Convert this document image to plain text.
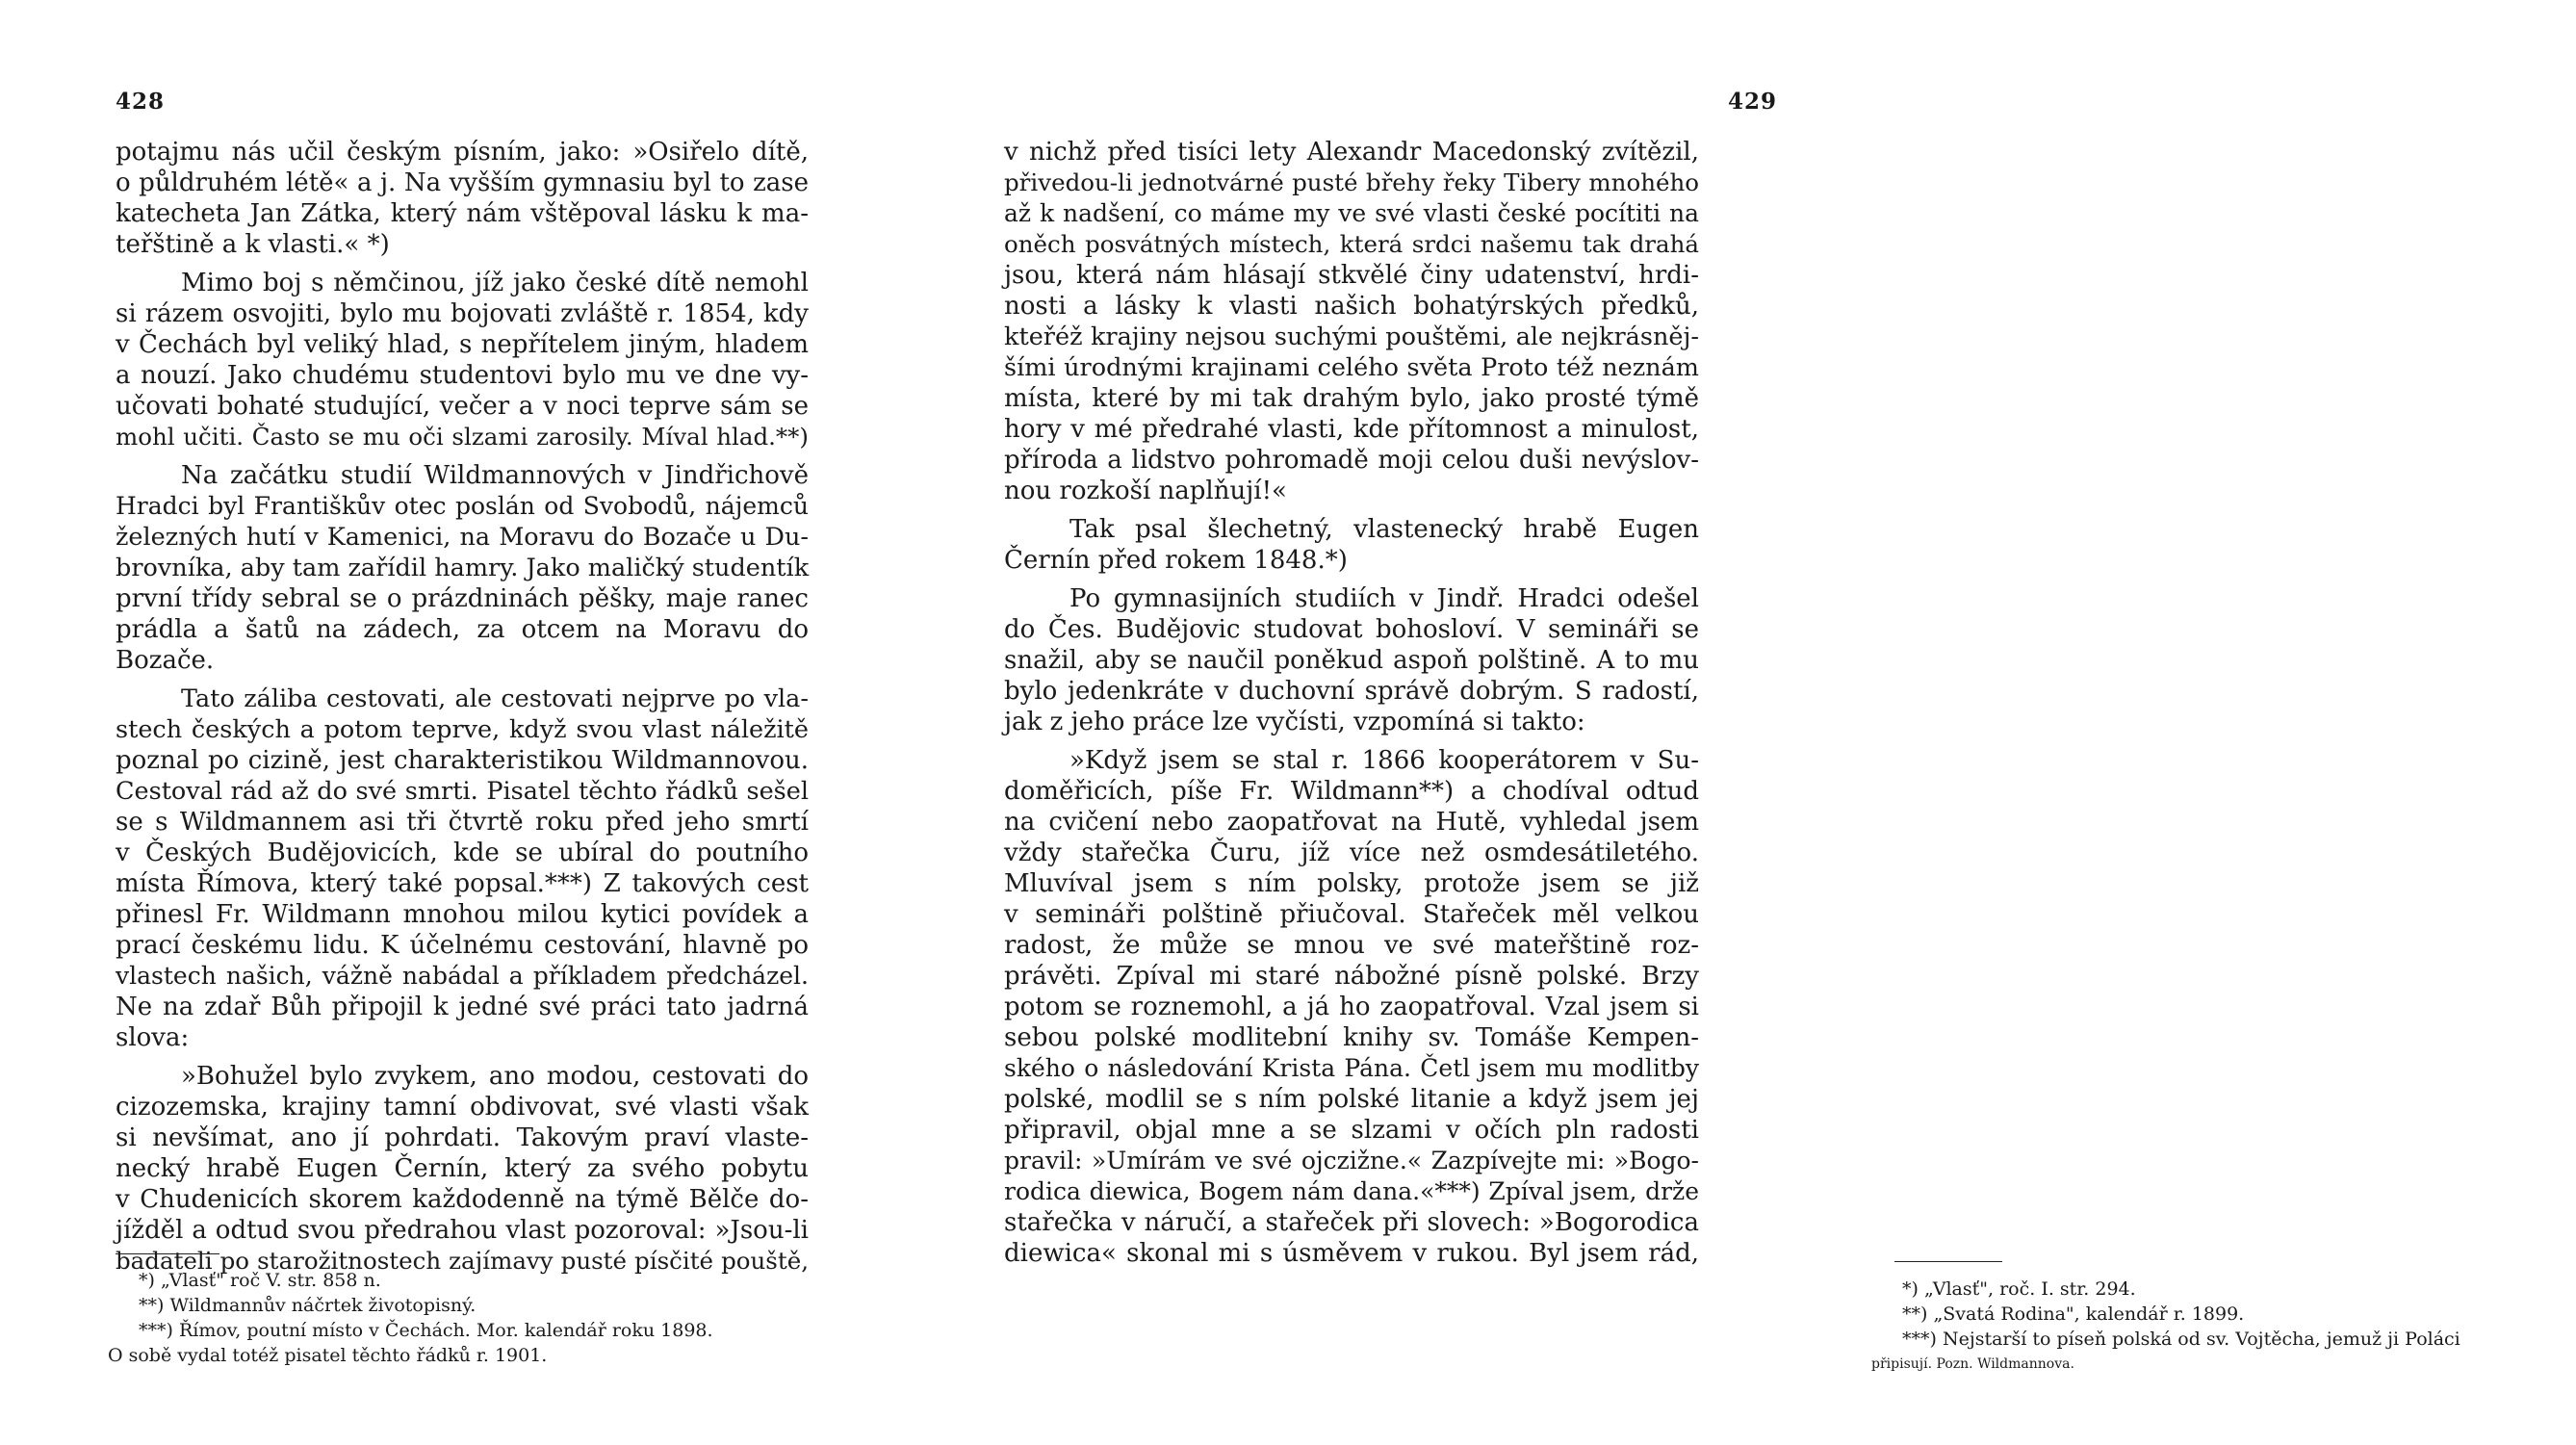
428
potajmu nás učil českým písním, jako: »Osiřelo dítě,
o půldruhém létě« a j. Na vyšším gymnasiu byl to zase
katecheta Jan Zátka, který nám vštěpoval lásku k ma-
teřštině a k vlasti.« *)
Mimo boj s němčinou, jíž jako české dítě nemohl
si rázem osvojiti, bylo mu bojovati zvláště r. 1854, kdy
v Čechách byl veliký hlad, s nepřítelem jiným, hladem
a nouzí. Jako chudému studentovi bylo mu ve dne vy-
učovati bohaté studující, večer a v noci teprve sám se
mohl učiti. Často se mu oči slzami zarosily. Míval hlad.**)
Na začátku studií Wildmannových v Jindřichově
Hradci byl Františkův otec poslán od Svobodů, nájemců
železných hutí v Kamenici, na Moravu do Bozače u Du-
brovníka, aby tam zařídil hamry. Jako maličký studentík
první třídy sebral se o prázdninách pěšky, maje ranec
prádla a šatů na zádech, za otcem na Moravu do
Bozače.
Tato záliba cestovati, ale cestovati nejprve po vla-
stech českých a potom teprve, když svou vlast náležitě
poznal po cizině, jest charakteristikou Wildmannovou.
Cestoval rád až do své smrti. Pisatel těchto řádků sešel
se s Wildmannem asi tři čtvrtě roku před jeho smrtí
v Českých Budějovicích, kde se ubíral do poutního
místa Římova, který také popsal.***) Z takových cest
přinesl Fr. Wildmann mnohou milou kytici povídek a
prací českému lidu. K účelnému cestování, hlavně po
vlastech našich, vážně nabádal a příkladem předcházel.
Ne na zdař Bůh připojil k jedné své práci tato jadrná
slova:
»Bohužel bylo zvykem, ano modou, cestovati do
cizozemska, krajiny tamní obdivovat, své vlasti však
si nevšímat, ano jí pohrdati. Takovým praví vlaste-
necký hrabě Eugen Černín, který za svého pobytu
v Chudenicích skorem každodenně na týmě Bělče do-
jížděl a odtud svou předrahou vlast pozoroval: »Jsou-li
badateli po starožitnostech zajímavy pusté písčité pouště,
*) „Vlasť" roč V. str. 858 n.
**) Wildmannův náčrtek životopisný.
***) Římov, poutní místo v Čechách. Mor. kalendář roku 1898.
O sobě vydal totéž pisatel těchto řádků r. 1901.
429
v nichž před tisíci lety Alexandr Macedonský zvítězil,
přivedou-li jednotvárné pusté břehy řeky Tibery mnohého
až k nadšení, co máme my ve své vlasti české pocítiti na
oněch posvátných místech, která srdci našemu tak drahá
jsou, která nám hlásají stkvělé činy udatenství, hrdi-
nosti a lásky k vlasti našich bohatýrských předků,
kteřéž krajiny nejsou suchými pouštěmi, ale nejkrásněj-
šími úrodnými krajinami celého světa Proto též neznám
místa, které by mi tak drahým bylo, jako prosté týmě
hory v mé předrahé vlasti, kde přítomnost a minulost,
příroda a lidstvo pohromadě moji celou duši nevýslov-
nou rozkoší naplňují!«
Tak psal šlechetný, vlastenecký hrabě Eugen
Černín před rokem 1848.*)
Po gymnasijních studiích v Jindř. Hradci odešel
do Čes. Budějovic studovat bohosloví. V semináři se
snažil, aby se naučil poněkud aspoň polštině. A to mu
bylo jedenkráte v duchovní správě dobrým. S radostí,
jak z jeho práce lze vyčísti, vzpomíná si takto:
»Když jsem se stal r. 1866 kooperátorem v Su-
doměřicích, píše Fr. Wildmann**) a chodíval odtud
na cvičení nebo zaopatřovat na Hutě, vyhledal jsem
vždy stařečka Čuru, jíž více než osmdesátiletého.
Mluvíval jsem s ním polsky, protože jsem se již
v semináři polštině přiučoval. Stařeček měl velkou
radost, že může se mnou ve své mateřštině roz-
právěti. Zpíval mi staré nábožné písně polské. Brzy
potom se roznemohl, a já ho zaopatřoval. Vzal jsem si
sebou polské modlitební knihy sv. Tomáše Kempen-
ského o následování Krista Pána. Četl jsem mu modlitby
polské, modlil se s ním polské litanie a když jsem jej
připravil, objal mne a se slzami v očích pln radosti
pravil: »Umírám ve své ojczižne.« Zazpívejte mi: »Bogo-
rodica diewica, Bogem nám dana.«***) Zpíval jsem, drže
stařečka v náručí, a stařeček při slovech: »Bogorodica
diewica« skonal mi s úsměvem v rukou. Byl jsem rád,
*) „Vlasť", roč. I. str. 294.
**) „Svatá Rodina", kalendář r. 1899.
***) Nejstarší to píseň polská od sv. Vojtěcha, jemuž ji Poláci
připisují. Pozn. Wildmannova.
